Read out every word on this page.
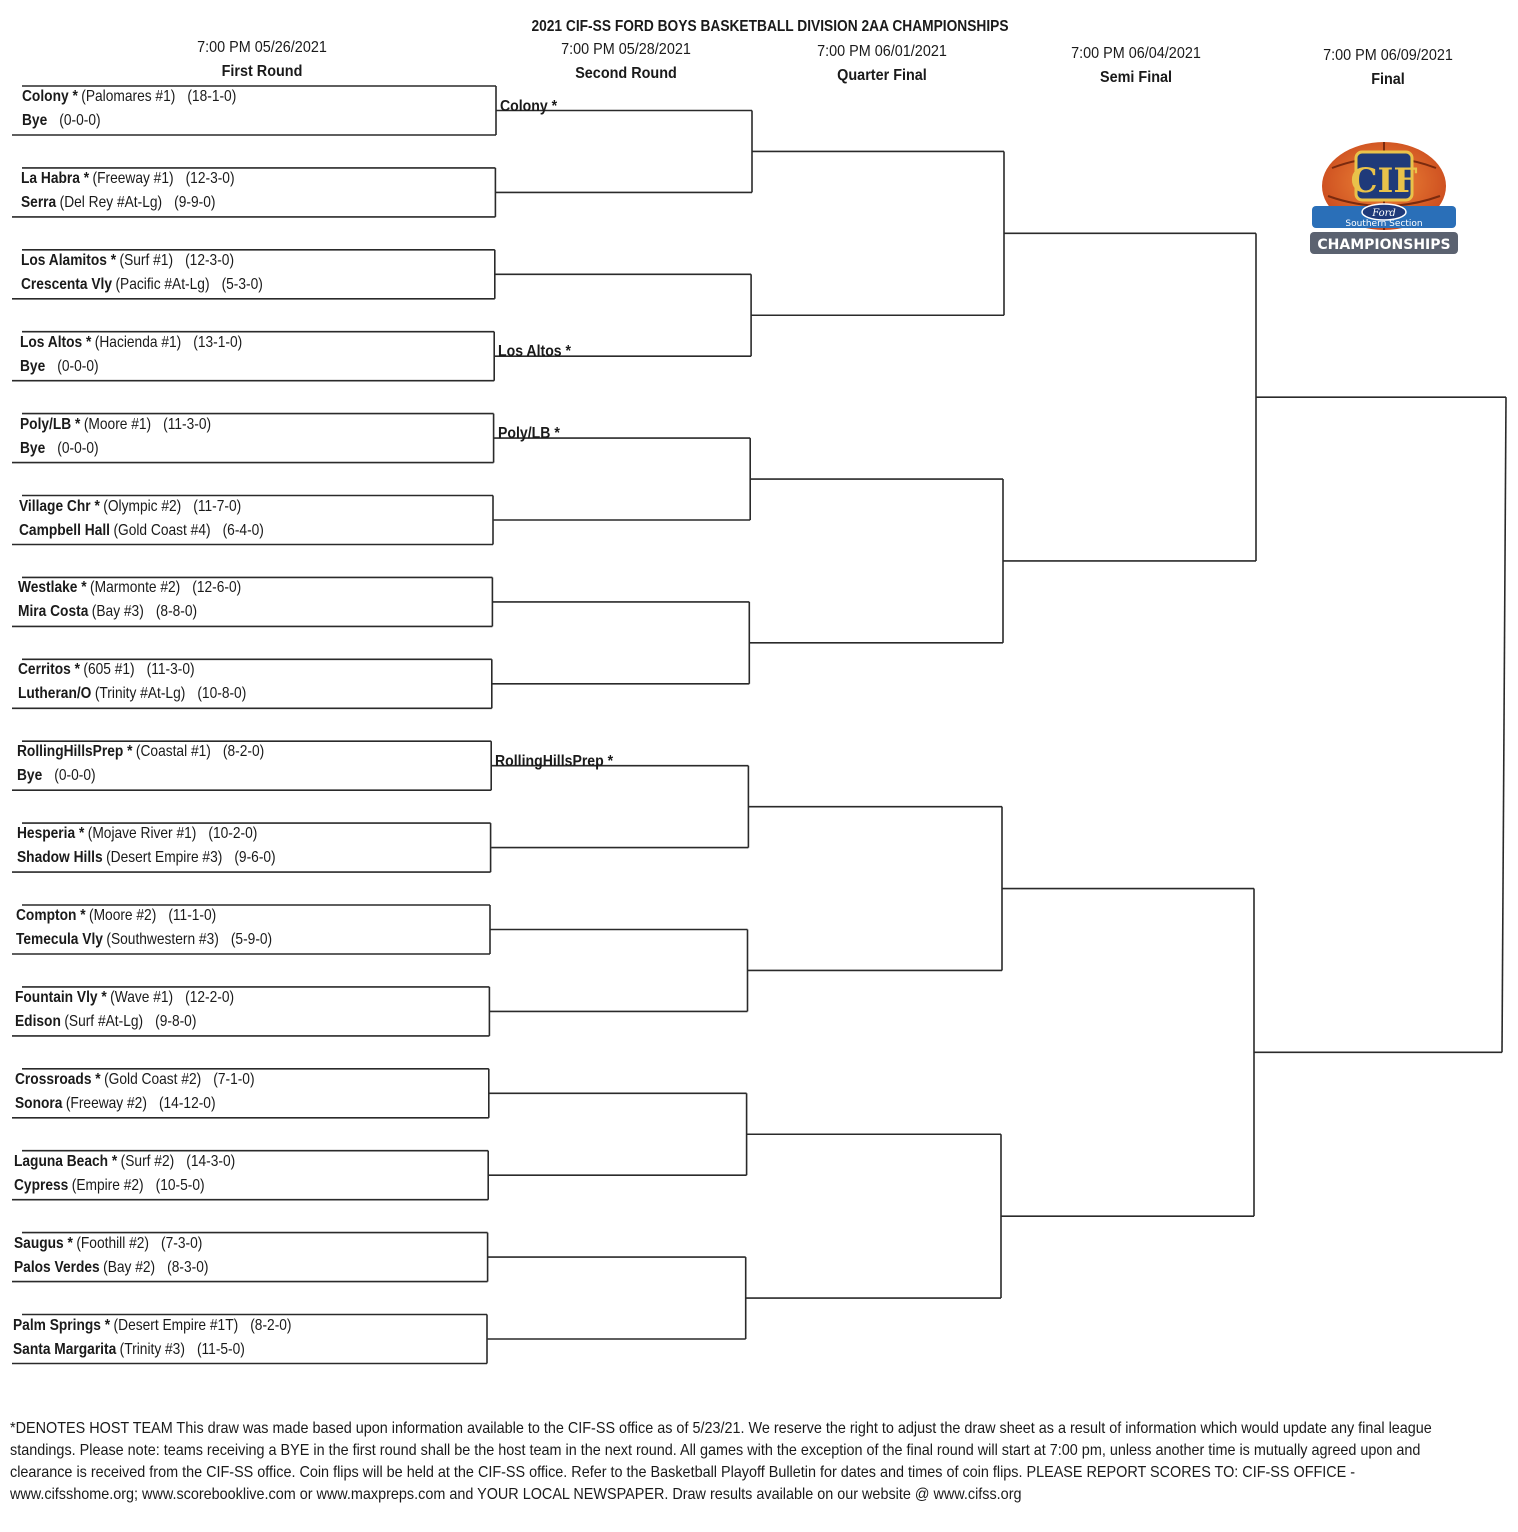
2021 CIF-SS FORD BOYS BASKETBALL DIVISION 2AA CHAMPIONSHIPS
7:00 PM 05/26/2021
First Round
7:00 PM 05/28/2021
Second Round
7:00 PM 06/01/2021
Quarter Final
7:00 PM 06/04/2021
Semi Final
7:00 PM 06/09/2021
Final
Colony * (Palomares #1) (18-1-0)
Bye (0-0-0)
La Habra * (Freeway #1) (12-3-0)
Serra (Del Rey #At-Lg) (9-9-0)
Los Alamitos * (Surf #1) (12-3-0)
Crescenta Vly (Pacific #At-Lg) (5-3-0)
Los Altos * (Hacienda #1) (13-1-0)
Bye (0-0-0)
Poly/LB * (Moore #1) (11-3-0)
Bye (0-0-0)
Village Chr * (Olympic #2) (11-7-0)
Campbell Hall (Gold Coast #4) (6-4-0)
Westlake * (Marmonte #2) (12-6-0)
Mira Costa (Bay #3) (8-8-0)
Cerritos * (605 #1) (11-3-0)
Lutheran/O (Trinity #At-Lg) (10-8-0)
RollingHillsPrep * (Coastal #1) (8-2-0)
Bye (0-0-0)
Hesperia * (Mojave River #1) (10-2-0)
Shadow Hills (Desert Empire #3) (9-6-0)
Compton * (Moore #2) (11-1-0)
Temecula Vly (Southwestern #3) (5-9-0)
Fountain Vly * (Wave #1) (12-2-0)
Edison (Surf #At-Lg) (9-8-0)
Crossroads * (Gold Coast #2) (7-1-0)
Sonora (Freeway #2) (14-12-0)
Laguna Beach * (Surf #2) (14-3-0)
Cypress (Empire #2) (10-5-0)
Saugus * (Foothill #2) (7-3-0)
Palos Verdes (Bay #2) (8-3-0)
Palm Springs * (Desert Empire #1T) (8-2-0)
Santa Margarita (Trinity #3) (11-5-0)
Colony *
Los Altos *
Poly/LB *
RollingHillsPrep *
CIF
Ford
Southern Section
CHAMPIONSHIPS
*DENOTES HOST TEAM This draw was made based upon information available to the CIF-SS office as of 5/23/21. We reserve the right to adjust the draw sheet as a result of information which would update any final league standings. Please note: teams receiving a BYE in the first round shall be the host team in the next round. All games with the exception of the final round will start at 7:00 pm, unless another time is mutually agreed upon and clearance is received from the CIF-SS office. Coin flips will be held at the CIF-SS office. Refer to the Basketball Playoff Bulletin for dates and times of coin flips. PLEASE REPORT SCORES TO: CIF-SS OFFICE - www.cifsshome.org; www.scorebooklive.com or www.maxpreps.com and YOUR LOCAL NEWSPAPER. Draw results available on our website @ www.cifss.org
